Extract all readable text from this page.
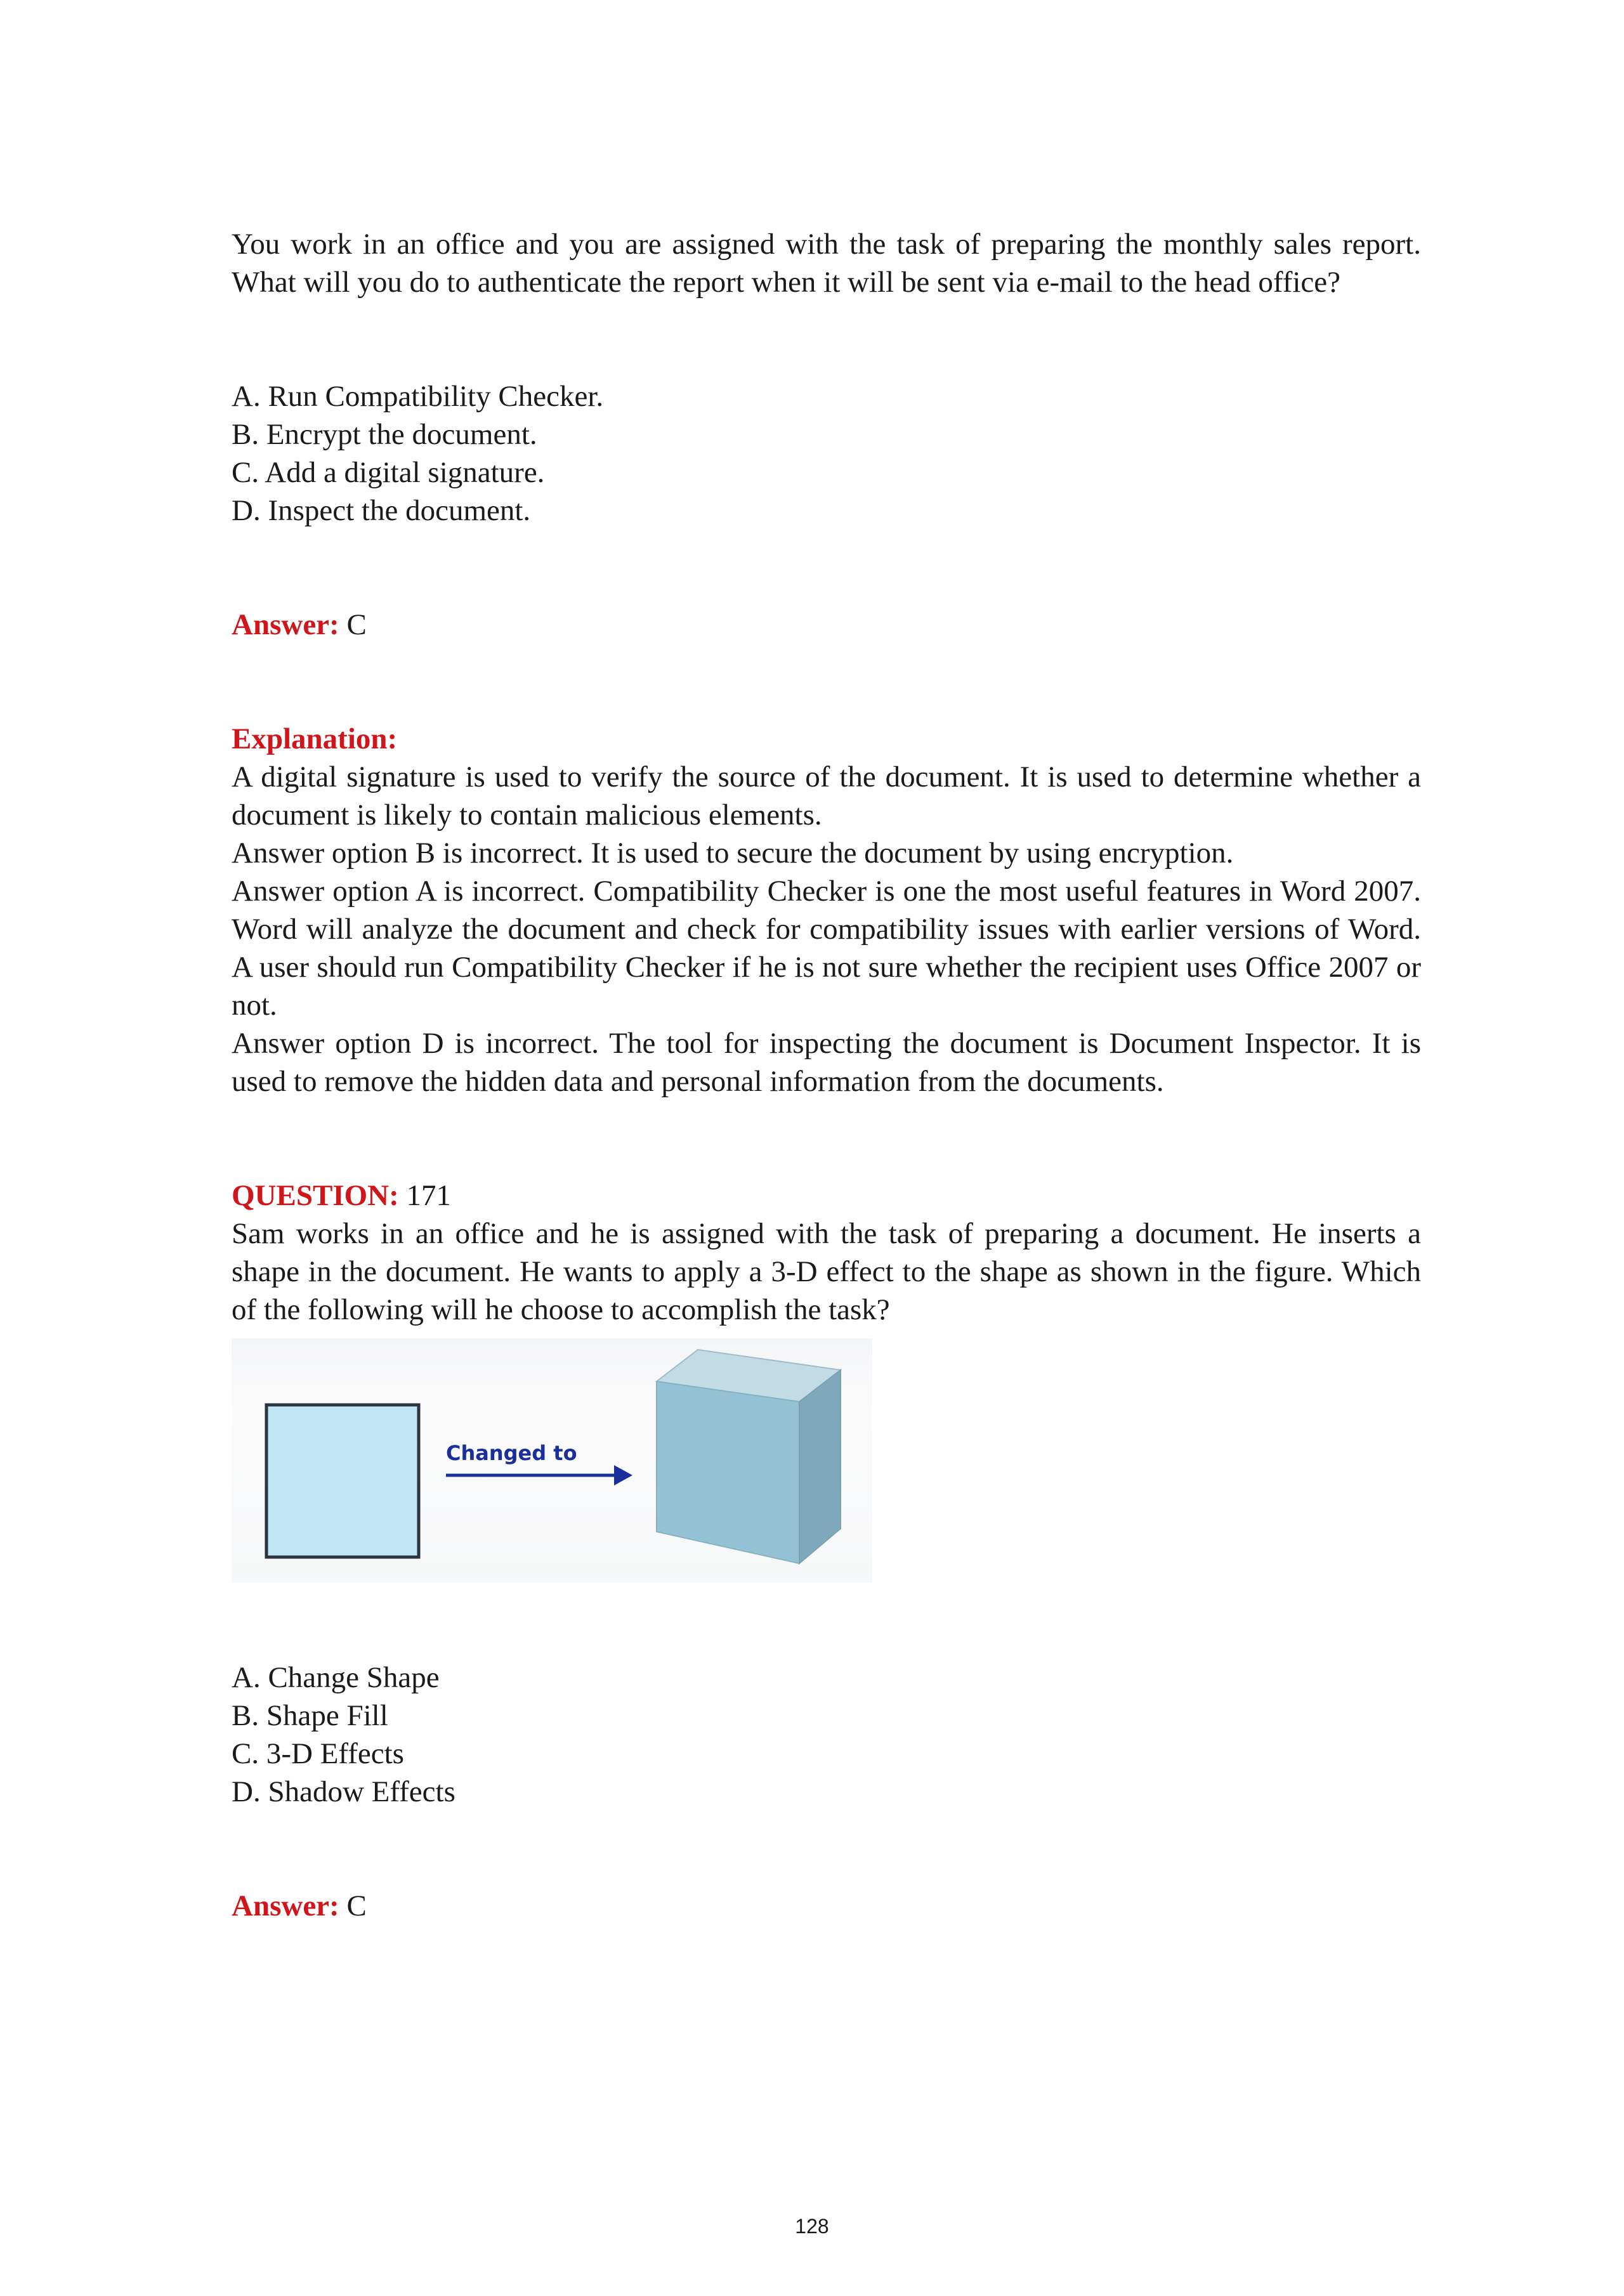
You work in an office and you are assigned with the task of preparing the monthly sales report. What will you do to authenticate the report when it will be sent via e-mail to the head office?

A. Run Compatibility Checker.

B. Encrypt the document.

C. Add a digital signature.

D. Inspect the document.

Answer: C

Explanation:

A digital signature is used to verify the source of the document. It is used to determine whether a document is likely to contain malicious elements.

Answer option B is incorrect. It is used to secure the document by using encryption.

Answer option A is incorrect. Compatibility Checker is one the most useful features in Word 2007. Word will analyze the document and check for compatibility issues with earlier versions of Word. A user should run Compatibility Checker if he is not sure whether the recipient uses Office 2007 or not.

Answer option D is incorrect. The tool for inspecting the document is Document Inspector. It is used to remove the hidden data and personal information from the documents.

QUESTION: 171

Sam works in an office and he is assigned with the task of preparing a document. He inserts a shape in the document. He wants to apply a 3-D effect to the shape as shown in the figure. Which of the following will he choose to accomplish the task?

Changed to

A. Change Shape

B. Shape Fill

C. 3-D Effects

D. Shadow Effects

Answer: C

128
